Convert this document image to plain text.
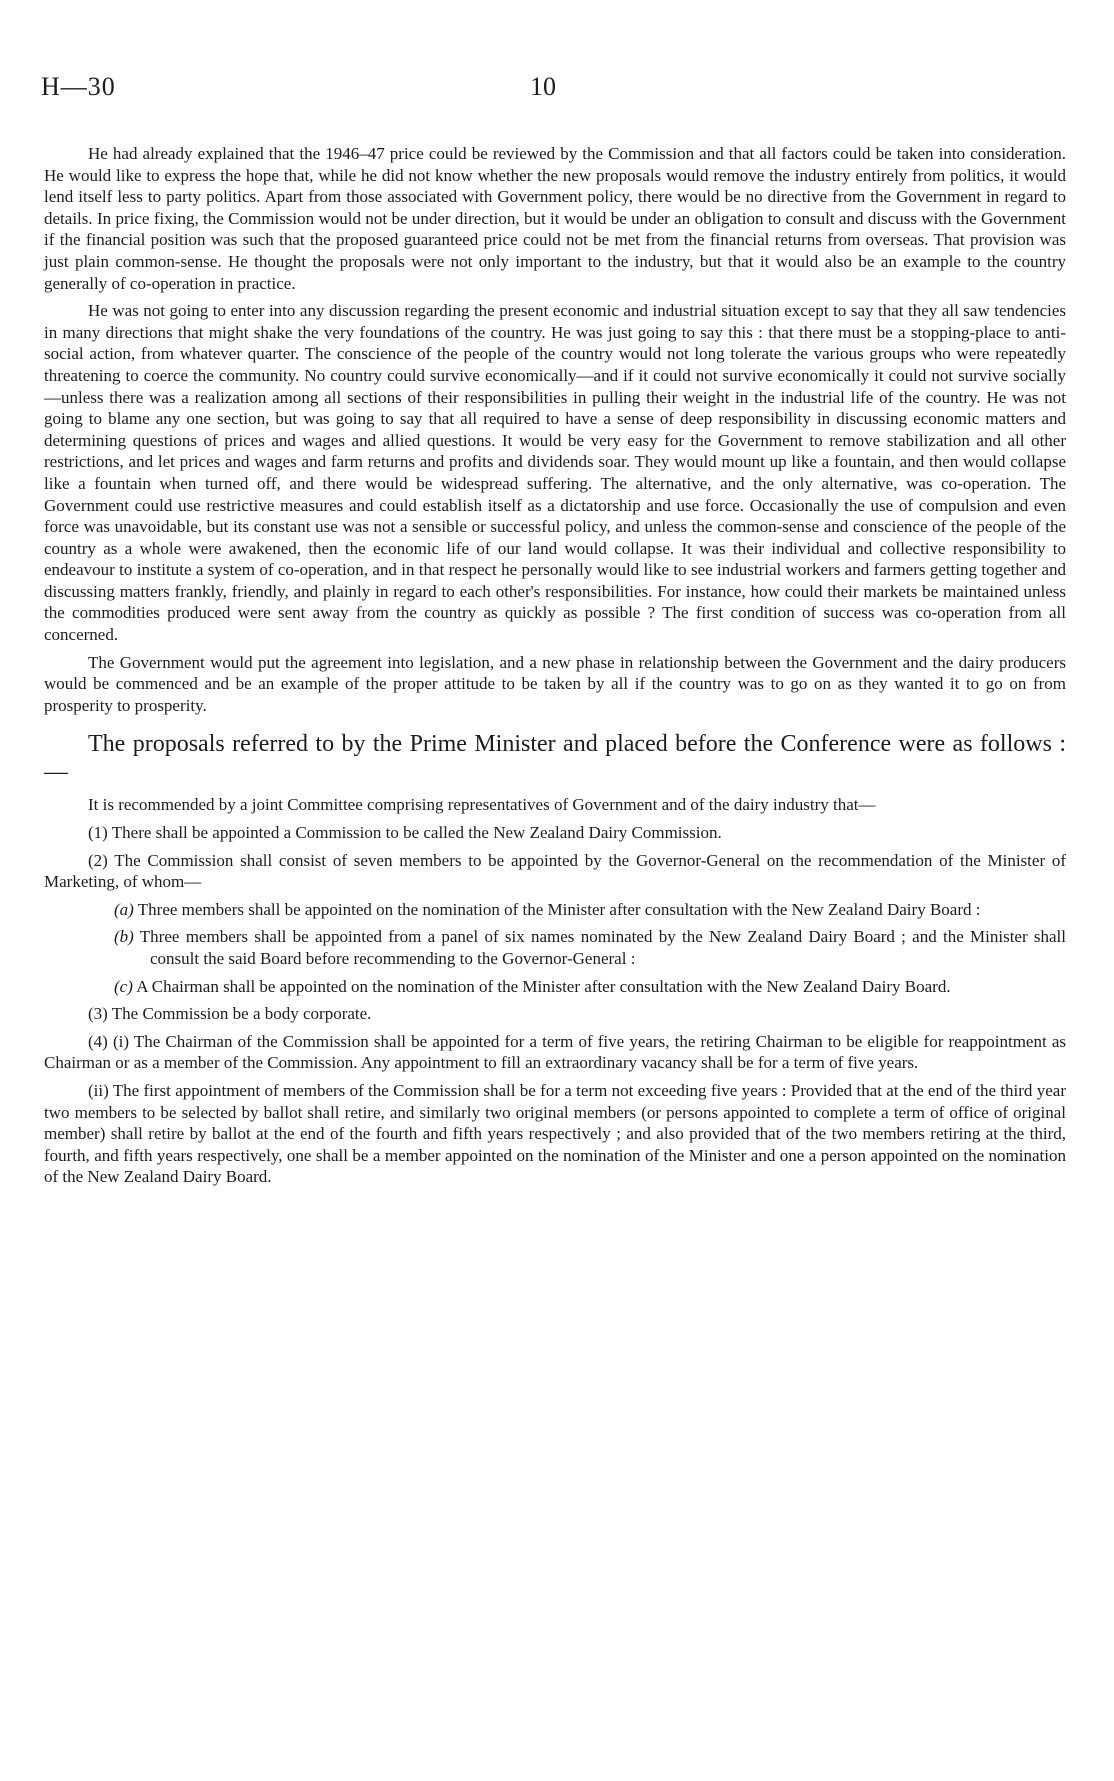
H—30	10

He had already explained that the 1946–47 price could be reviewed by the Commission and that all factors could be taken into consideration. He would like to express the hope that, while he did not know whether the new proposals would remove the industry entirely from politics, it would lend itself less to party politics. Apart from those associated with Government policy, there would be no directive from the Government in regard to details. In price fixing, the Commission would not be under direction, but it would be under an obligation to consult and discuss with the Government if the financial position was such that the proposed guaranteed price could not be met from the financial returns from overseas. That provision was just plain common-sense. He thought the proposals were not only important to the industry, but that it would also be an example to the country generally of co-operation in practice.

He was not going to enter into any discussion regarding the present economic and industrial situation except to say that they all saw tendencies in many directions that might shake the very foundations of the country. He was just going to say this : that there must be a stopping-place to anti-social action, from whatever quarter. The conscience of the people of the country would not long tolerate the various groups who were repeatedly threatening to coerce the community. No country could survive economically—and if it could not survive economically it could not survive socially—unless there was a realization among all sections of their responsibilities in pulling their weight in the industrial life of the country. He was not going to blame any one section, but was going to say that all required to have a sense of deep responsibility in discussing economic matters and determining questions of prices and wages and allied questions. It would be very easy for the Government to remove stabilization and all other restrictions, and let prices and wages and farm returns and profits and dividends soar. They would mount up like a fountain, and then would collapse like a fountain when turned off, and there would be widespread suffering. The alternative, and the only alternative, was co-operation. The Government could use restrictive measures and could establish itself as a dictatorship and use force. Occasionally the use of compulsion and even force was unavoidable, but its constant use was not a sensible or successful policy, and unless the common-sense and conscience of the people of the country as a whole were awakened, then the economic life of our land would collapse. It was their individual and collective responsibility to endeavour to institute a system of co-operation, and in that respect he personally would like to see industrial workers and farmers getting together and discussing matters frankly, friendly, and plainly in regard to each other's responsibilities. For instance, how could their markets be maintained unless the commodities produced were sent away from the country as quickly as possible ? The first condition of success was co-operation from all concerned.

The Government would put the agreement into legislation, and a new phase in relationship between the Government and the dairy producers would be commenced and be an example of the proper attitude to be taken by all if the country was to go on as they wanted it to go on from prosperity to prosperity.

The proposals referred to by the Prime Minister and placed before the Conference were as follows :—

It is recommended by a joint Committee comprising representatives of Government and of the dairy industry that—

(1) There shall be appointed a Commission to be called the New Zealand Dairy Commission.

(2) The Commission shall consist of seven members to be appointed by the Governor-General on the recommendation of the Minister of Marketing, of whom—

(a) Three members shall be appointed on the nomination of the Minister after consultation with the New Zealand Dairy Board :
(b) Three members shall be appointed from a panel of six names nominated by the New Zealand Dairy Board ; and the Minister shall consult the said Board before recommending to the Governor-General :
(c) A Chairman shall be appointed on the nomination of the Minister after consultation with the New Zealand Dairy Board.

(3) The Commission be a body corporate.

(4) (i) The Chairman of the Commission shall be appointed for a term of five years, the retiring Chairman to be eligible for reappointment as Chairman or as a member of the Commission. Any appointment to fill an extraordinary vacancy shall be for a term of five years.

(ii) The first appointment of members of the Commission shall be for a term not exceeding five years : Provided that at the end of the third year two members to be selected by ballot shall retire, and similarly two original members (or persons appointed to complete a term of office of original member) shall retire by ballot at the end of the fourth and fifth years respectively ; and also provided that of the two members retiring at the third, fourth, and fifth years respectively, one shall be a member appointed on the nomination of the Minister and one a person appointed on the nomination of the New Zealand Dairy Board.
